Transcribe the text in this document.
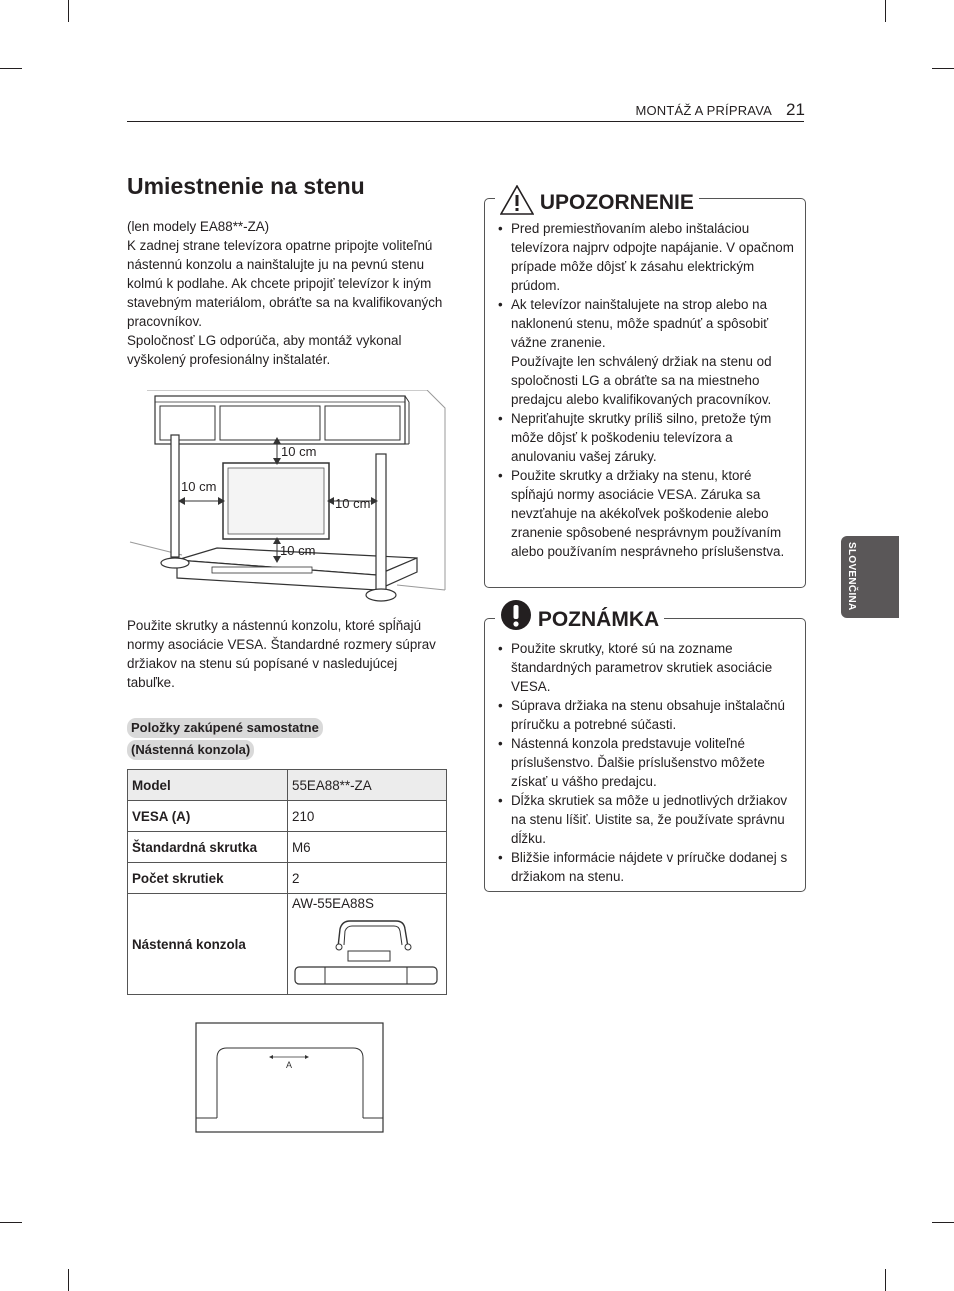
MONTÁŽ A PRÍPRAVA 21
SLOVENČINA
Umiestnenie na stenu

(len modely EA88**-ZA)

K zadnej strane televízora opatrne pripojte voliteľnú nástennú konzolu a nainštalujte ju na pevnú stenu kolmú k podlahe. Ak chcete pripojiť televízor k iným stavebným materiálom, obráťte sa na kvalifikovaných pracovníkov.

Spoločnosť LG odporúča, aby montáž vykonal vyškolený profesionálny inštalatér.

10 cm
10 cm
10 cm
10 cm
Použite skrutky a nástennú konzolu, ktoré spĺňajú normy asociácie VESA. Štandardné rozmery súprav držiakov na stenu sú popísané v nasledujúcej tabuľke.
Položky zakúpené samostatne
(Nástenná konzola)
Model	55EA88**-ZA
VESA (A)	210
Štandardná skrutka	M6
Počet skrutiek	2
Nástenná konzola	AW-55EA88S
A
UPOZORNENIE
• Pred premiestňovaním alebo inštaláciou televízora najprv odpojte napájanie. V opačnom prípade môže dôjsť k zásahu elektrickým prúdom.
• Ak televízor nainštalujete na strop alebo na naklonenú stenu, môže spadnúť a spôsobiť vážne zranenie.
Používajte len schválený držiak na stenu od spoločnosti LG a obráťte sa na miestneho predajcu alebo kvalifikovaných pracovníkov.
• Nepriťahujte skrutky príliš silno, pretože tým môže dôjsť k poškodeniu televízora a anulovaniu vašej záruky.
• Použite skrutky a držiaky na stenu, ktoré spĺňajú normy asociácie VESA. Záruka sa nevzťahuje na akékoľvek poškodenie alebo zranenie spôsobené nesprávnym používaním alebo používaním nesprávneho príslušenstva.
POZNÁMKA
• Použite skrutky, ktoré sú na zozname štandardných parametrov skrutiek asociácie VESA.
• Súprava držiaka na stenu obsahuje inštalačnú príručku a potrebné súčasti.
• Nástenná konzola predstavuje voliteľné príslušenstvo. Ďalšie príslušenstvo môžete získať u vášho predajcu.
• Dĺžka skrutiek sa môže u jednotlivých držiakov na stenu líšiť. Uistite sa, že používate správnu dĺžku.
• Bližšie informácie nájdete v príručke dodanej s držiakom na stenu.
